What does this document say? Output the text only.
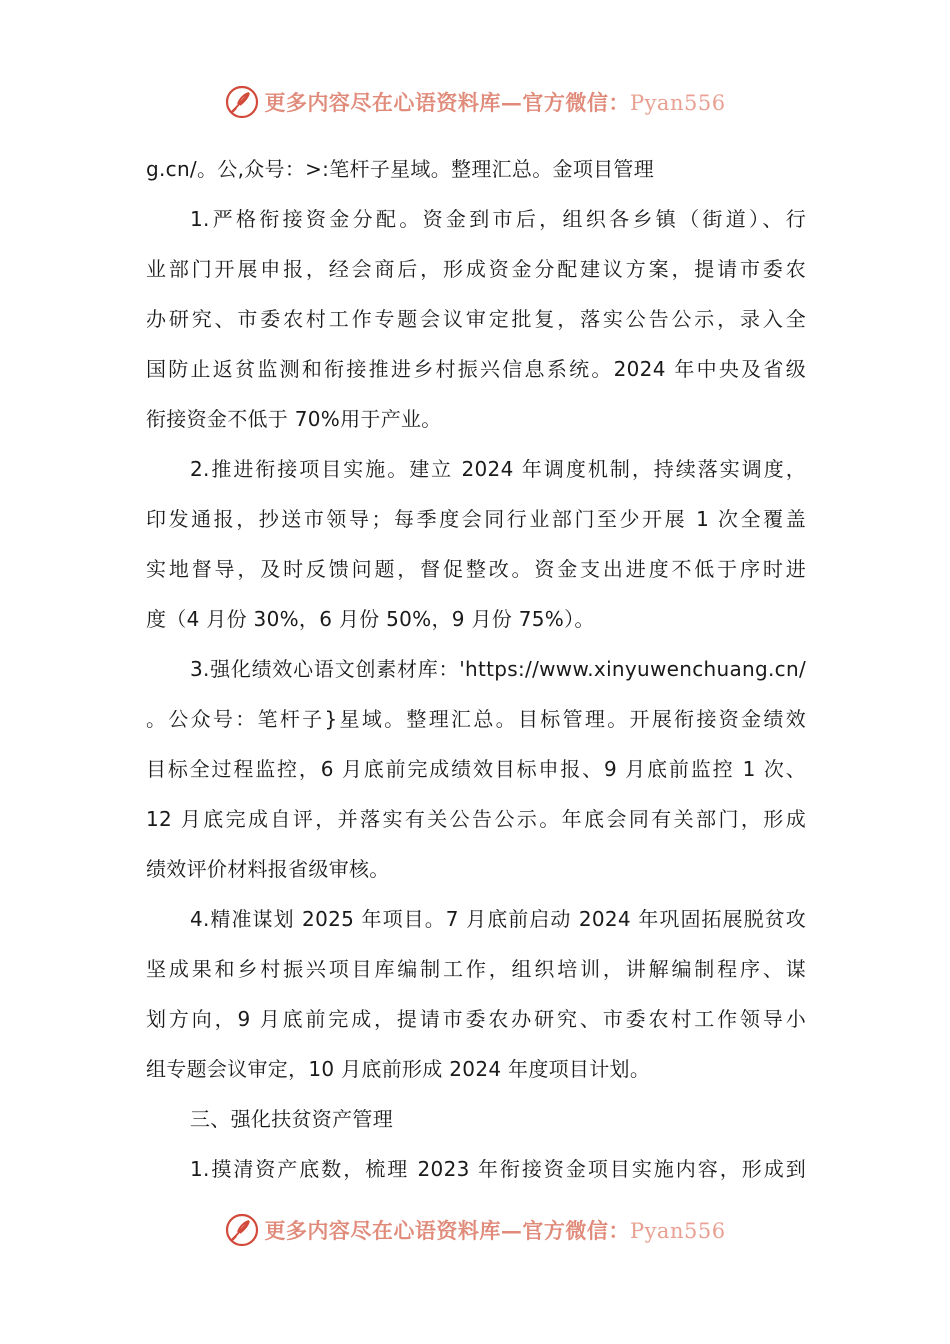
更多内容尽在心语资料库—官方微信：Pyan556
g.cn/。公,众号：>:笔杆子星域。整理汇总。金项目管理
1.严格衔接资金分配。资金到市后，组织各乡镇（街道）、行
业部门开展申报，经会商后，形成资金分配建议方案，提请市委农
办研究、市委农村工作专题会议审定批复，落实公告公示，录入全
国防止返贫监测和衔接推进乡村振兴信息系统。2024 年中央及省级
衔接资金不低于 70%用于产业。
2.推进衔接项目实施。建立 2024 年调度机制，持续落实调度，
印发通报，抄送市领导；每季度会同行业部门至少开展 1 次全覆盖
实地督导，及时反馈问题，督促整改。资金支出进度不低于序时进
度（4 月份 30%，6 月份 50%，9 月份 75%）。
3.强化绩效心语文创素材库：'https://www.xinyuwenchuang.cn/
。公众号：笔杆子}星域。整理汇总。目标管理。开展衔接资金绩效
目标全过程监控，6 月底前完成绩效目标申报、9 月底前监控 1 次、
12 月底完成自评，并落实有关公告公示。年底会同有关部门，形成
绩效评价材料报省级审核。
4.精准谋划 2025 年项目。7 月底前启动 2024 年巩固拓展脱贫攻
坚成果和乡村振兴项目库编制工作，组织培训，讲解编制程序、谋
划方向，9 月底前完成，提请市委农办研究、市委农村工作领导小
组专题会议审定，10 月底前形成 2024 年度项目计划。
三、强化扶贫资产管理
1.摸清资产底数，梳理 2023 年衔接资金项目实施内容，形成到
更多内容尽在心语资料库—官方微信：Pyan556
